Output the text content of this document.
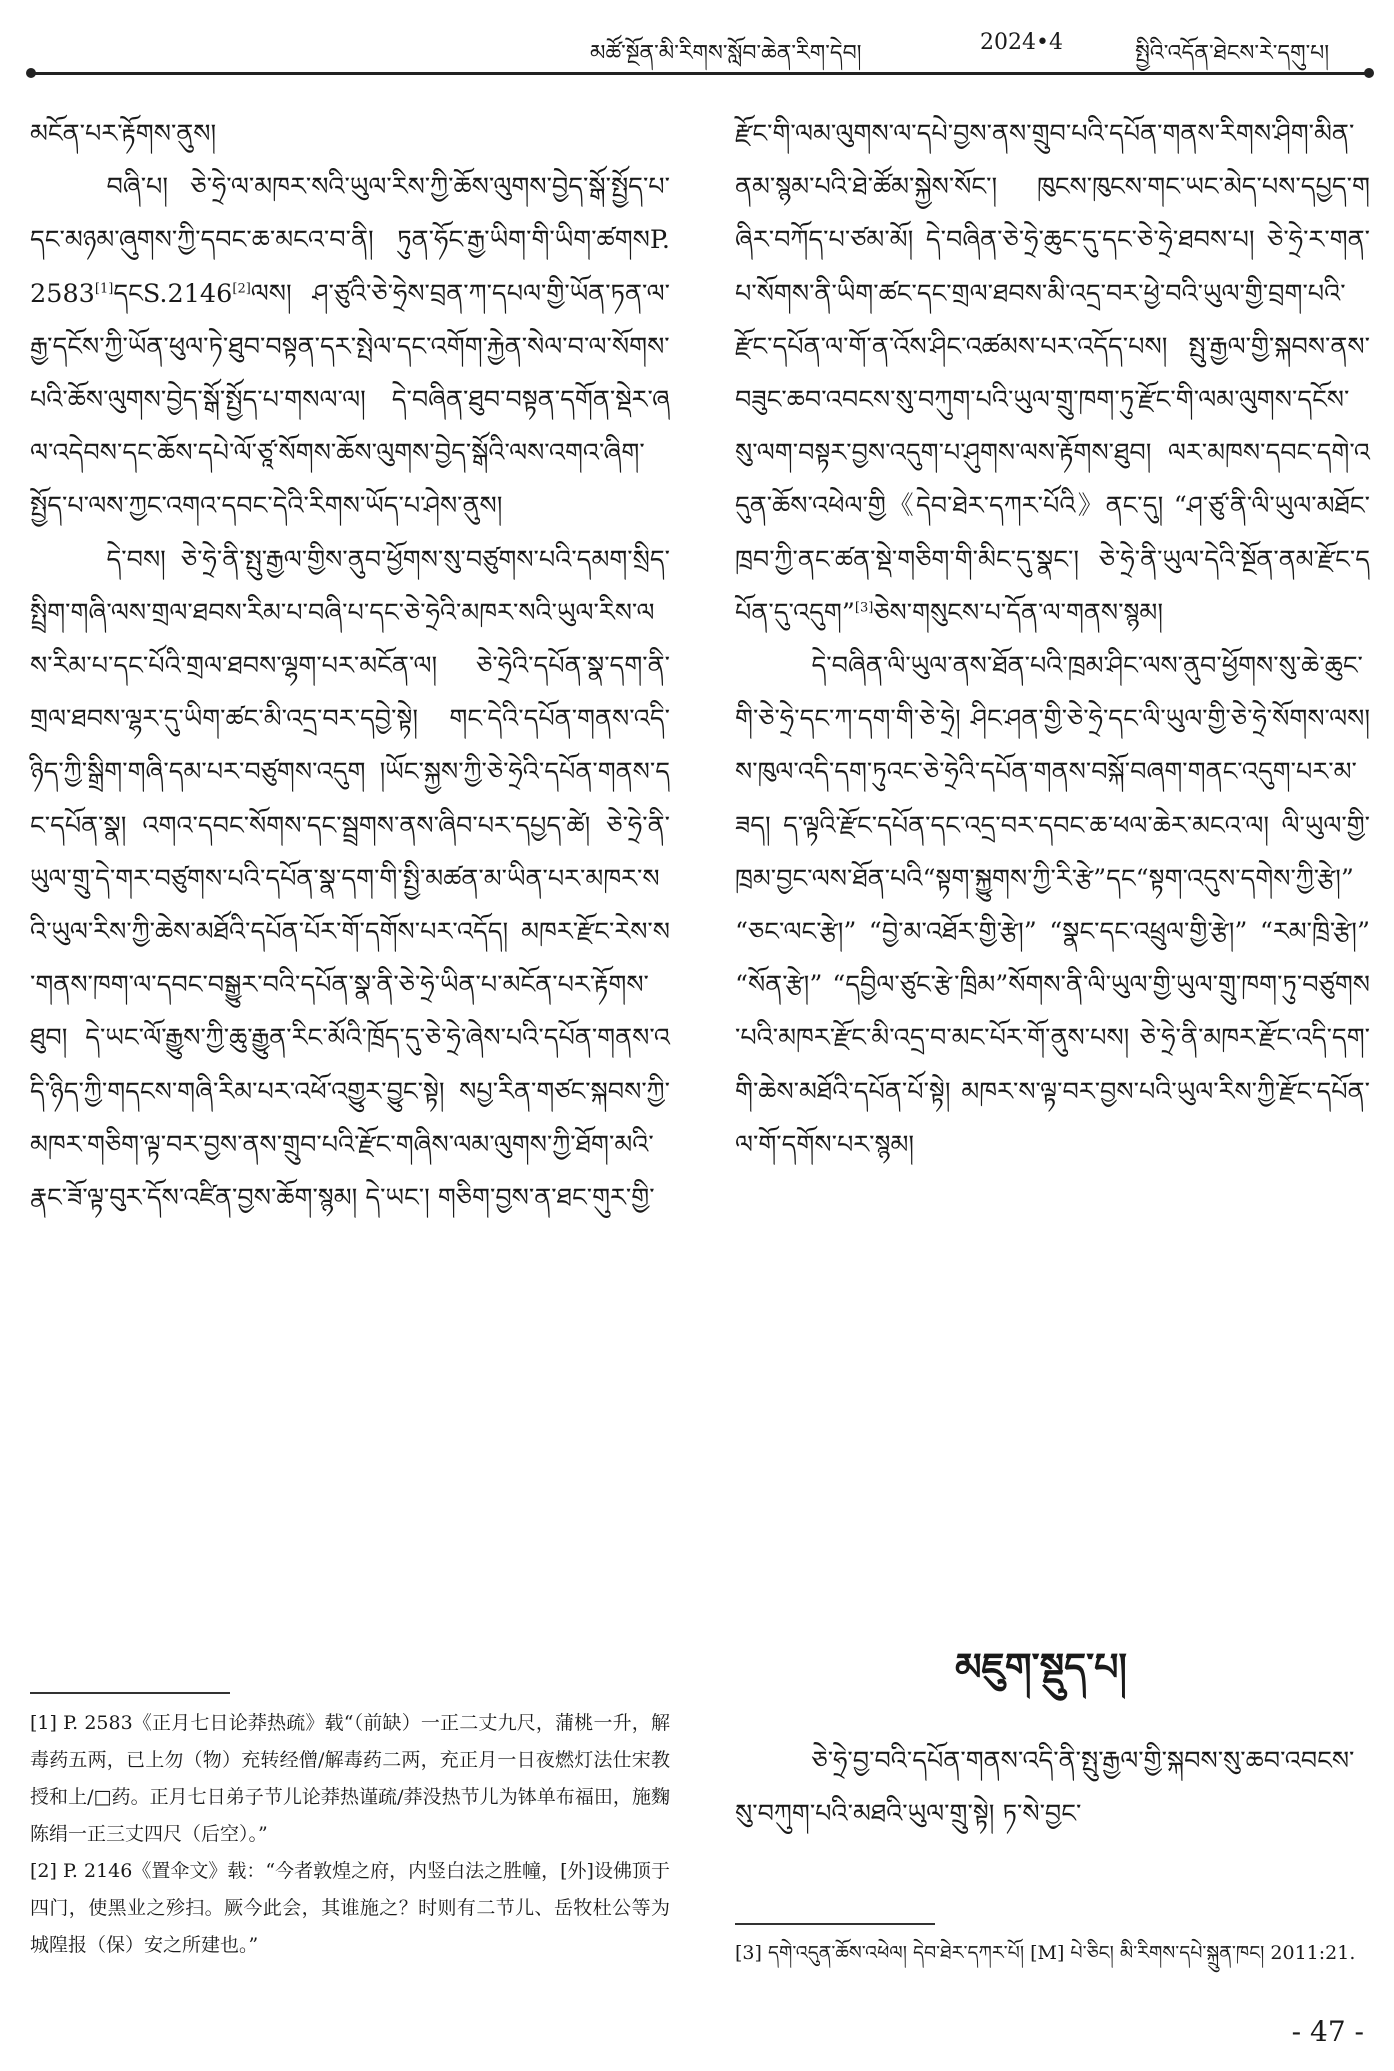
མཚོ་སྔོན་མི་རིགས་སློབ་ཆེན་རིག་དེབ།	2024•4	སྤྱིའི་འདོན་ཐེངས་རེ་དགུ་པ།

མངོན་པར་རྟོགས་ནུས།

བཞི་པ། ཅེ་ཧྲེ་ལ་མཁར་སའི་ཡུལ་རིས་ཀྱི་ཆོས་ལུགས་བྱེད་སྒོ་སྤྱོད་པ་དང་མཉམ་ཞུགས་ཀྱི་དབང་ཆ་མངའ་བ་ནི། ཏུན་ཧོང་རྒྱ་ཡིག་གི་ཡིག་ཚགསP.2583[1]དངS.2146[2]ལས། ཤ་ཙུའི་ཅེ་ཧྲེས་བྲན་ཀ་དཔལ་གྱི་ཡོན་ཏན་ལ་རྒྱ་དངོས་ཀྱི་ཡོན་ཕུལ་ཏེ་ཐུབ་བསྟན་དར་སྤེལ་དང་འགོག་རྐྱེན་སེལ་བ་ལ་སོགས་པའི་ཆོས་ལུགས་བྱེད་སྒོ་སྤྱོད་པ་གསལ་ལ། དེ་བཞིན་ཐུབ་བསྟན་དགོན་སྡེར་ཞལ་འདེབས་དང་ཆོས་དཔེ་ལོ་ཙཱ་སོགས་ཆོས་ལུགས་བྱེད་སྒོའི་ལས་འགའ་ཞིག་སྤྱོད་པ་ལས་ཀྱང་འགའ་དབང་དེའི་རིགས་ཡོད་པ་ཤེས་ནུས།

དེ་བས། ཅེ་ཧྲེ་ནི་སྤུ་རྒྱལ་གྱིས་ནུབ་ཕྱོགས་སུ་བཙུགས་པའི་དམག་སྲིད་སྤྲིག་གཞི་ལས་གྲལ་ཐབས་རིམ་པ་བཞི་པ་དང་ཅེ་ཧྲེའི་མཁར་སའི་ཡུལ་རིས་ལས་རིམ་པ་དང་པོའི་གྲལ་ཐབས་ལྷག་པར་མངོན་ལ། ཅེ་ཧྲེའི་དཔོན་སྣ་དག་ནི་གྲལ་ཐབས་ལྷར་དུ་ཡིག་ཚང་མི་འདྲ་བར་དབྱེ་སྟེ། གང་དེའི་དཔོན་གནས་འདི་ཉིད་ཀྱི་སྒྲིག་གཞི་དམ་པར་བཙུགས་འདུག །ཡོང་སྐྱས་ཀྱི་ཅེ་ཧྲེའི་དཔོན་གནས་དང་དཔོན་སྣ། འགའ་དབང་སོགས་དང་སྦྲགས་ནས་ཞིབ་པར་དཔྱད་ཚེ། ཅེ་ཧྲེ་ནི་ཡུལ་གྲུ་དེ་གར་བཙུགས་པའི་དཔོན་སྣ་དག་གི་སྤྱི་མཚན་མ་ཡིན་པར་མཁར་སའི་ཡུལ་རིས་ཀྱི་ཆེས་མཐོའི་དཔོན་པོར་གོ་དགོས་པར་འདོད། མཁར་རྫོང་རེས་ས་གནས་ཁག་ལ་དབང་བསྒྱུར་བའི་དཔོན་སྣ་ནི་ཅེ་ཧྲེ་ཡིན་པ་མངོན་པར་རྟོགས་ཐུབ། དེ་ཡང་ལོ་རྒྱུས་ཀྱི་ཆུ་རྒྱུན་རིང་མོའི་ཁྲོད་དུ་ཅེ་ཧྲེ་ཞེས་པའི་དཔོན་གནས་འདི་ཉིད་ཀྱི་གདངས་གཞི་རིམ་པར་འཕོ་འགྱུར་བྱུང་སྟེ། སཔྱ་རིན་གཙང་སྐབས་ཀྱི་མཁར་གཅིག་ལྟ་བར་བྱས་ནས་གྲུབ་པའི་རྫོང་གཞིས་ལམ་ལུགས་ཀྱི་ཐོག་མའི་རྣང་ཟོ་ལྟ་བུར་དོས་འཛིན་བྱས་ཆོག་སྙམ། དེ་ཡང༌། གཅིག་བྱས་ན་ཐང་གུར་གྱི་

རྫོང་གི་ལམ་ལུགས་ལ་དཔེ་བྱས་ནས་གྲུབ་པའི་དཔོན་གནས་རིགས་ཤིག་མིན་ནམ་སྙམ་པའི་ཐེ་ཚོམ་སྐྱེས་སོང༌། ཁུངས་ཁུངས་གང་ཡང་མེད་པས་དཔྱད་གཞིར་བཀོད་པ་ཙམ་མོ། དེ་བཞིན་ཅེ་ཧྲེ་ཆུང་དུ་དང་ཅེ་ཧྲེ་ཐབས་པ། ཅེ་ཧྲེ་ར་གན་པ་སོགས་ནི་ཡིག་ཚང་དང་གྲལ་ཐབས་མི་འདྲ་བར་ཕྱེ་བའི་ཡུལ་གྱི་བྲག་པའི་རྫོང་དཔོན་ལ་གོ་ན་འོས་ཤིང་འཚམས་པར་འདོད་པས། སྤུ་རྒྱལ་གྱི་སྐབས་ནས་བཟུང་ཆབ་འབངས་སུ་བཀུག་པའི་ཡུལ་གྲུ་ཁག་ཏུ་རྫོང་གི་ལམ་ལུགས་དངོས་སུ་ལག་བསྟར་བྱས་འདུག་པ་ཤུགས་ལས་རྟོགས་ཐུབ། ལར་མཁས་དབང་དགེ་འདུན་ཆོས་འཕེལ་གྱི《དེབ་ཐེར་དཀར་པོའི》ནང་དུ། “ཤ་ཙུ་ནི་ལི་ཡུལ་མཐོང་ཁྲབ་ཀྱི་ནང་ཚན་སྡེ་གཅིག་གི་མིང་དུ་སྣང་། ཅེ་ཧྲེ་ནི་ཡུལ་དེའི་སྔོན་ནམ་རྫོང་དཔོན་དུ་འདུག”[3]ཅེས་གསུངས་པ་དོན་ལ་གནས་སྙམ།

དེ་བཞིན་ལི་ཡུལ་ནས་ཐོན་པའི་ཁྲམ་ཤིང་ལས་ནུབ་ཕྱོགས་སུ་ཆེ་ཆུང་གི་ཅེ་ཧྲེ་དང་ཀ་དག་གི་ཅེ་ཧྲེ། ཤིང་ཤན་གྱི་ཅེ་ཧྲེ་དང་ལི་ཡུལ་གྱི་ཅེ་ཧྲེ་སོགས་ལས། ས་ཁུལ་འདི་དག་ཏུའང་ཅེ་ཧྲེའི་དཔོན་གནས་བསྐོ་བཞག་གནང་འདུག་པར་མ་ཟད། ད་ལྟའི་རྫོང་དཔོན་དང་འདྲ་བར་དབང་ཆ་ཕལ་ཆེར་མངའ་ལ། ལི་ཡུལ་གྱི་ཁྲམ་བྱང་ལས་ཐོན་པའི“སྟག་སྐྱུགས་ཀྱི་རི་རྩེ”དང“སྟག་འདུས་དགེས་ཀྱི་རྩེ།” “ཅང་ལང་རྩེ།” “བྱེ་མ་འཐོར་གྱི་རྩེ།” “སྣང་དང་འཕྲུལ་གྱི་རྩེ།” “རམ་ཁྲི་རྩེ།” “སོན་རྩེ།” “དབྱིལ་ཙུང་རྩེ་ཁྲིམ”སོགས་ནི་ལི་ཡུལ་གྱི་ཡུལ་གྲུ་ཁག་ཏུ་བཙུགས་པའི་མཁར་རྫོང་མི་འདྲ་བ་མང་པོར་གོ་ནུས་པས། ཅེ་ཧྲེ་ནི་མཁར་རྫོང་འདི་དག་གི་ཆེས་མཐོའི་དཔོན་པོ་སྟེ། མཁར་ས་ལྟ་བར་བྱས་པའི་ཡུལ་རིས་ཀྱི་རྫོང་དཔོན་ལ་གོ་དགོས་པར་སྙམ།

མཇུག་སྡུད་པ།

ཅེ་ཧྲེ་བྱ་བའི་དཔོན་གནས་འདི་ནི་སྤུ་རྒྱལ་གྱི་སྐབས་སུ་ཆབ་འབངས་སུ་བཀུག་པའི་མཐའི་ཡུལ་གྲུ་སྟེ། ཏ་སེ་བྱང་

[1] P. 2583《正月七日论莽热疏》载“（前缺）一正二丈九尺，蒲桃一升，解毒药五两，已上勿（物）充转经僧/解毒药二两，充正月一日夜燃灯法仕宋教授和上/□药。正月七日弟子节儿论莽热谨疏/莽没热节儿为钵单布福田，施麴陈绢一正三丈四尺（后空）。”

[2] P. 2146《置伞文》载：“今者敦煌之府，内竖白法之胜幢，[外]设佛顶于四门，使黑业之殄扫。厥今此会，其谁施之？时则有二节儿、岳牧杜公等为城隍报（保）安之所建也。”	[3] དགེ་འདུན་ཆོས་འཕེལ། དེབ་ཐེར་དཀར་པོ། [M] པེ་ཅིང། མི་རིགས་དཔེ་སྐྲུན་ཁང། 2011:21.

- 47 -
